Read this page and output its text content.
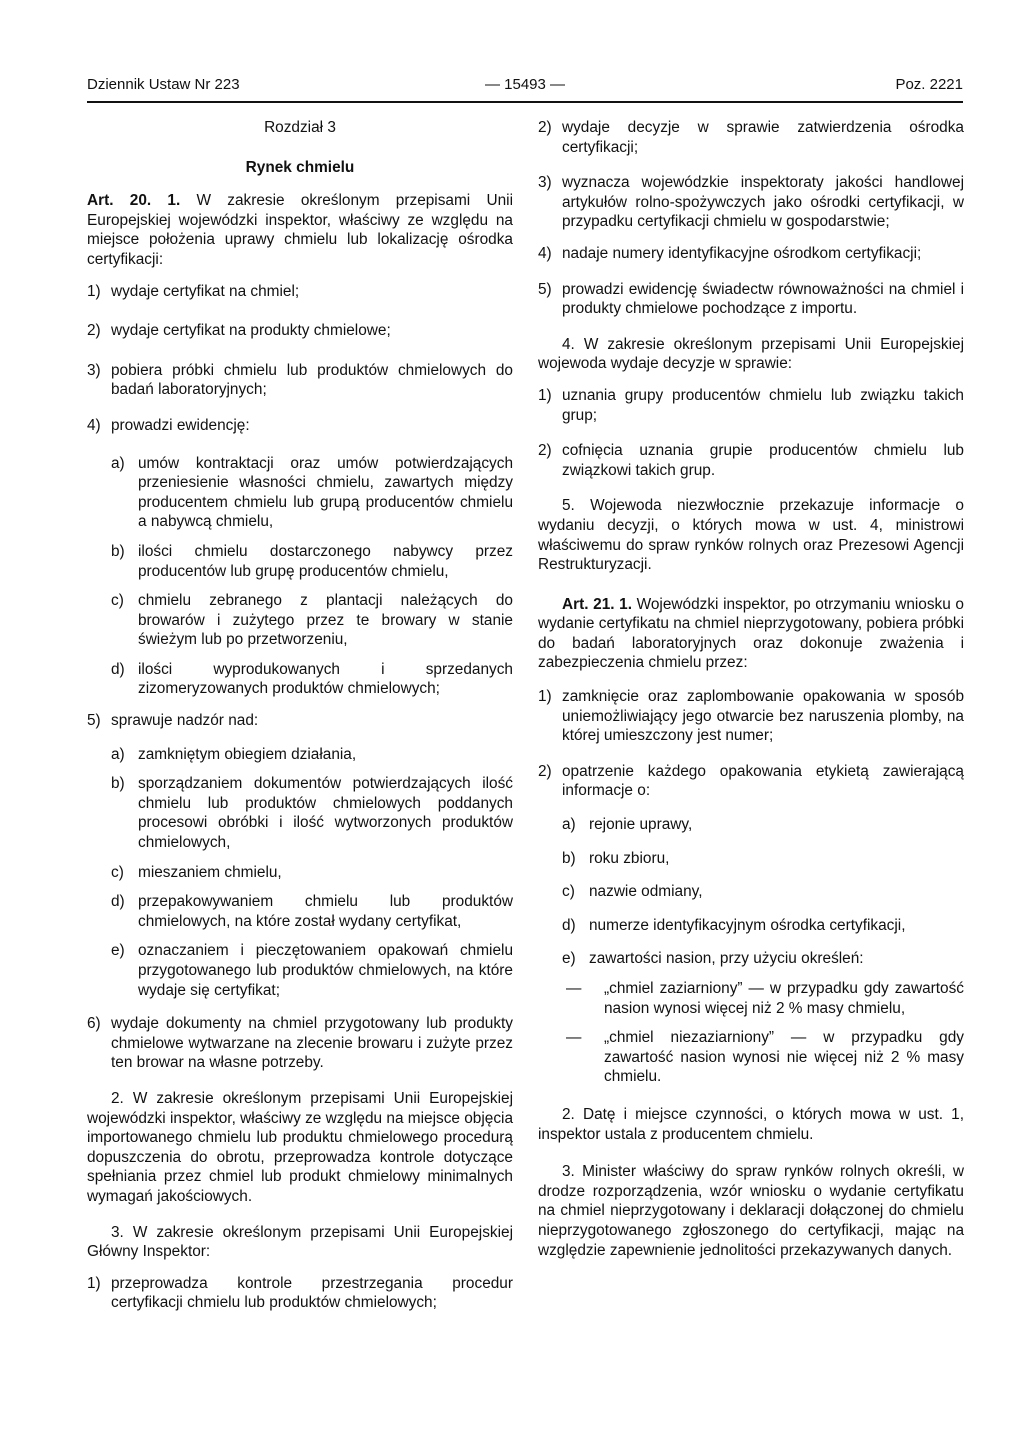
Dziennik Ustaw Nr 223	— 15493 —	Poz. 2221

Rozdział 3

Rynek chmielu

Art. 20. 1. W zakresie określonym przepisami Unii Europejskiej wojewódzki inspektor, właściwy ze względu na miejsce położenia uprawy chmielu lub lokalizację ośrodka certyfikacji:

1) wydaje certyfikat na chmiel;
2) wydaje certyfikat na produkty chmielowe;
3) pobiera próbki chmielu lub produktów chmielowych do badań laboratoryjnych;
4) prowadzi ewidencję:
a) umów kontraktacji oraz umów potwierdzających przeniesienie własności chmielu, zawartych między producentem chmielu lub grupą producentów chmielu a nabywcą chmielu,
b) ilości chmielu dostarczonego nabywcy przez producentów lub grupę producentów chmielu,
c) chmielu zebranego z plantacji należących do browarów i zużytego przez te browary w stanie świeżym lub po przetworzeniu,
d) ilości wyprodukowanych i sprzedanych zizomeryzowanych produktów chmielowych;
5) sprawuje nadzór nad:
a) zamkniętym obiegiem działania,
b) sporządzaniem dokumentów potwierdzających ilość chmielu lub produktów chmielowych poddanych procesowi obróbki i ilość wytworzonych produktów chmielowych,
c) mieszaniem chmielu,
d) przepakowywaniem chmielu lub produktów chmielowych, na które został wydany certyfikat,
e) oznaczaniem i pieczętowaniem opakowań chmielu przygotowanego lub produktów chmielowych, na które wydaje się certyfikat;
6) wydaje dokumenty na chmiel przygotowany lub produkty chmielowe wytwarzane na zlecenie browaru i zużyte przez ten browar na własne potrzeby.

2. W zakresie określonym przepisami Unii Europejskiej wojewódzki inspektor, właściwy ze względu na miejsce objęcia importowanego chmielu lub produktu chmielowego procedurą dopuszczenia do obrotu, przeprowadza kontrole dotyczące spełniania przez chmiel lub produkt chmielowy minimalnych wymagań jakościowych.

3. W zakresie określonym przepisami Unii Europejskiej Główny Inspektor:

1) przeprowadza kontrole przestrzegania procedur certyfikacji chmielu lub produktów chmielowych;
2) wydaje decyzje w sprawie zatwierdzenia ośrodka certyfikacji;
3) wyznacza wojewódzkie inspektoraty jakości handlowej artykułów rolno-spożywczych jako ośrodki certyfikacji, w przypadku certyfikacji chmielu w gospodarstwie;
4) nadaje numery identyfikacyjne ośrodkom certyfikacji;
5) prowadzi ewidencję świadectw równoważności na chmiel i produkty chmielowe pochodzące z importu.

4. W zakresie określonym przepisami Unii Europejskiej wojewoda wydaje decyzje w sprawie:

1) uznania grupy producentów chmielu lub związku takich grup;
2) cofnięcia uznania grupie producentów chmielu lub związkowi takich grup.

5. Wojewoda niezwłocznie przekazuje informacje o wydaniu decyzji, o których mowa w ust. 4, ministrowi właściwemu do spraw rynków rolnych oraz Prezesowi Agencji Restrukturyzacji.

Art. 21. 1. Wojewódzki inspektor, po otrzymaniu wniosku o wydanie certyfikatu na chmiel nieprzygotowany, pobiera próbki do badań laboratoryjnych oraz dokonuje zważenia i zabezpieczenia chmielu przez:

1) zamknięcie oraz zaplombowanie opakowania w sposób uniemożliwiający jego otwarcie bez naruszenia plomby, na której umieszczony jest numer;
2) opatrzenie każdego opakowania etykietą zawierającą informacje o:
a) rejonie uprawy,
b) roku zbioru,
c) nazwie odmiany,
d) numerze identyfikacyjnym ośrodka certyfikacji,
e) zawartości nasion, przy użyciu określeń:
— „chmiel zaziarniony” — w przypadku gdy zawartość nasion wynosi więcej niż 2 % masy chmielu,
— „chmiel niezaziarniony” — w przypadku gdy zawartość nasion wynosi nie więcej niż 2 % masy chmielu.

2. Datę i miejsce czynności, o których mowa w ust. 1, inspektor ustala z producentem chmielu.

3. Minister właściwy do spraw rynków rolnych określi, w drodze rozporządzenia, wzór wniosku o wydanie certyfikatu na chmiel nieprzygotowany i deklaracji dołączonej do chmielu nieprzygotowanego zgłoszonego do certyfikacji, mając na względzie zapewnienie jednolitości przekazywanych danych.
